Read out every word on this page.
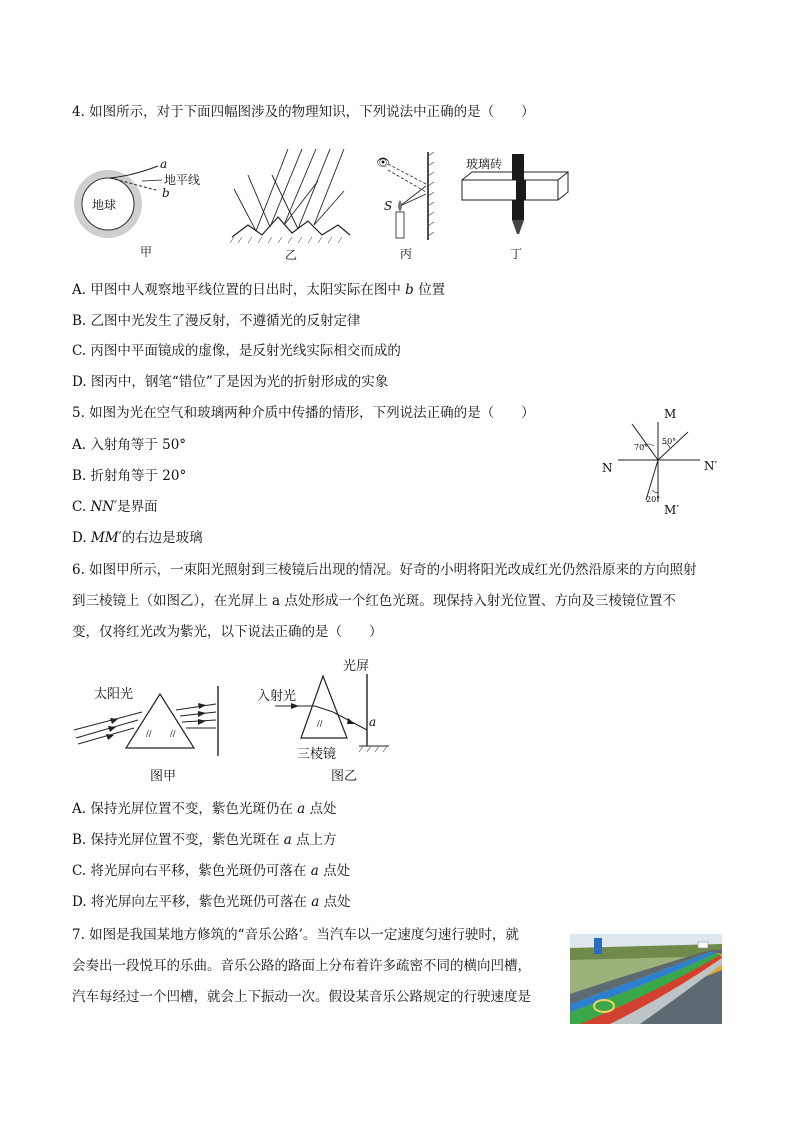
4. 如图所示，对于下面四幅图涉及的物理知识，下列说法中正确的是（　　）
地球
a
b
地平线
甲	乙
👁
S
丙
玻璃砖
丁
A. 甲图中人观察地平线位置的日出时，太阳实际在图中 b 位置
B. 乙图中光发生了漫反射，不遵循光的反射定律
C. 丙图中平面镜成的虚像，是反射光线实际相交而成的
D. 图丙中，钢笔“错位”了是因为光的折射形成的实象
5. 如图为光在空气和玻璃两种介质中传播的情形，下列说法正确的是（　　）
A. 入射角等于 50°
B. 折射角等于 20°
C. NN′是界面
D. MM′的右边是玻璃
M
M′
N	N′
70°
50°
20°
6. 如图甲所示，一束阳光照射到三棱镜后出现的情况。好奇的小明将阳光改成红光仍然沿原来的方向照射
到三棱镜上（如图乙），在光屏上 a 点处形成一个红色光斑。现保持入射光位置、方向及三棱镜位置不
变，仅将红光改为紫光，以下说法正确的是（　　）
太阳光
// //
图甲
光屏
//
入射光
a
三棱镜
图乙
A. 保持光屏位置不变，紫色光斑仍在 a 点处
B. 保持光屏位置不变，紫色光斑在 a 点上方
C. 将光屏向右平移，紫色光斑仍可落在 a 点处
D. 将光屏向左平移，紫色光斑仍可落在 a 点处
7. 如图是我国某地方修筑的“音乐公路’。当汽车以一定速度匀速行驶时，就
会奏出一段悦耳的乐曲。音乐公路的路面上分布着许多疏密不同的横向凹槽，
汽车每经过一个凹槽，就会上下振动一次。假设某音乐公路规定的行驶速度是
